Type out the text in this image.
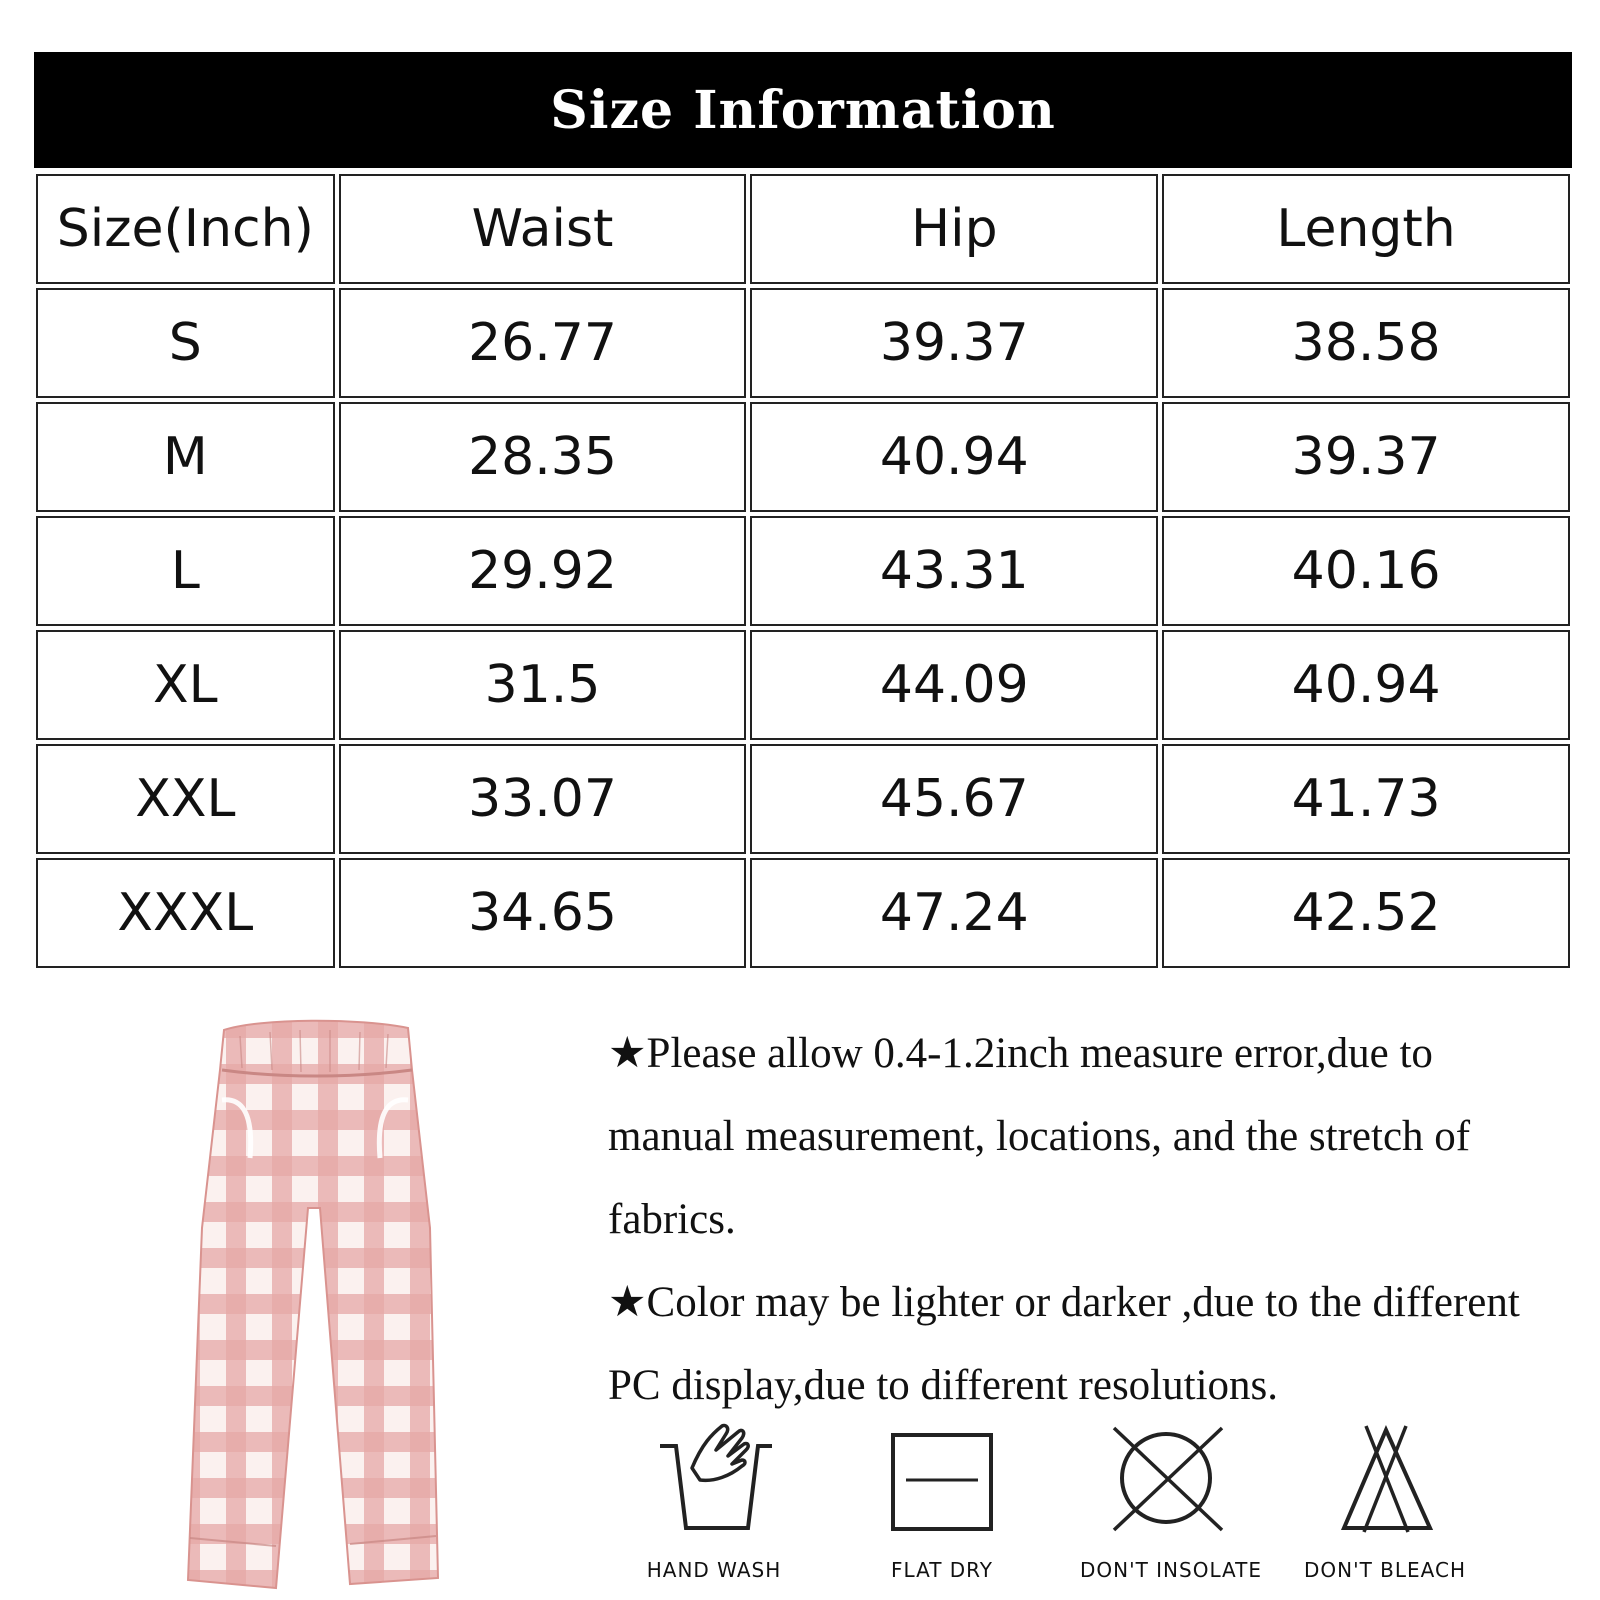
Size Information
Size(Inch)	Waist	Hip	Length
S	26.77	39.37	38.58
M	28.35	40.94	39.37
L	29.92	43.31	40.16
XL	31.5	44.09	40.94
XXL	33.07	45.67	41.73
XXXL	34.65	47.24	42.52

★Please allow 0.4-1.2inch measure error,due to manual measurement, locations, and the stretch of fabrics.

★Color may be lighter or darker ,due to the different PC display,due to different resolutions.

HAND WASH	FLAT DRY	DON'T INSOLATE	DON'T BLEACH
